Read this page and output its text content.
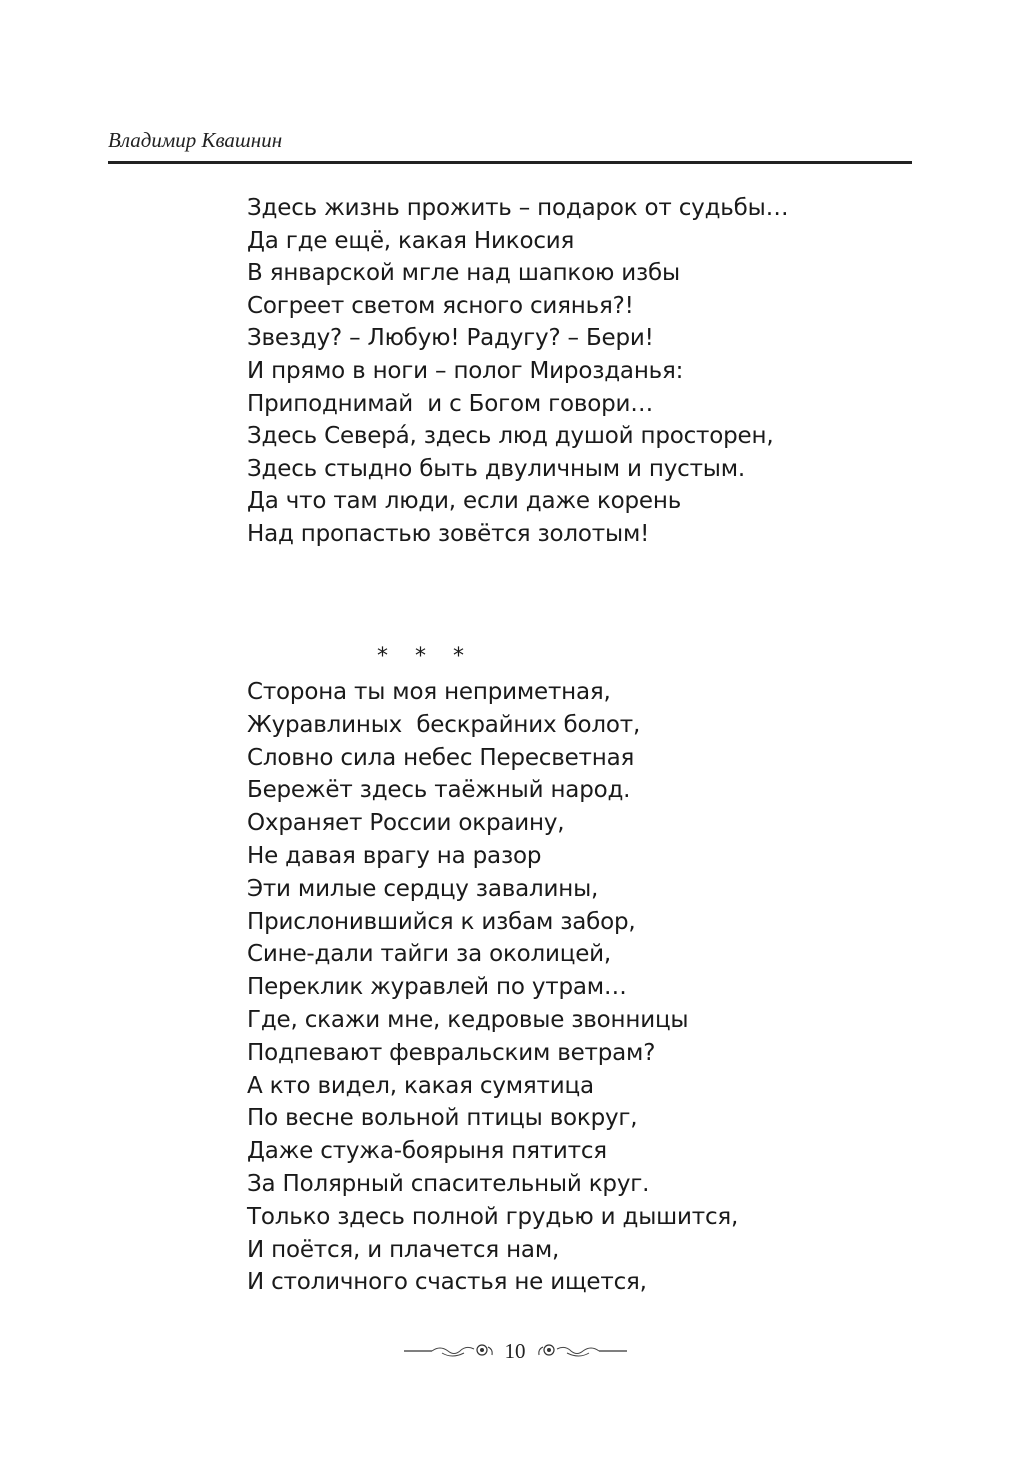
Владимир Квашнин
Здесь жизнь прожить – подарок от судьбы…
Да где ещё, какая Никосия
В январской мгле над шапкою избы
Согреет светом ясного сиянья?!
Звезду? – Любую! Радугу? – Бери!
И прямо в ноги – полог Мирозданья:
Приподнимай  и с Богом говори…
Здесь Северá, здесь люд душой просторен,
Здесь стыдно быть двуличным и пустым.
Да что там люди, если даже корень
Над пропастью зовётся золотым!
* * *
Сторона ты моя неприметная,
Журавлиных  бескрайних болот,
Словно сила небес Пересветная
Бережёт здесь таёжный народ.
Охраняет России окраину,
Не давая врагу на разор
Эти милые сердцу завалины,
Прислонившийся к избам забор,
Сине-дали тайги за околицей,
Переклик журавлей по утрам…
Где, скажи мне, кедровые звонницы
Подпевают февральским ветрам?
А кто видел, какая сумятица
По весне вольной птицы вокруг,
Даже стужа-боярыня пятится
За Полярный спасительный круг.
Только здесь полной грудью и дышится,
И поётся, и плачется нам,
И столичного счастья не ищется,
10
